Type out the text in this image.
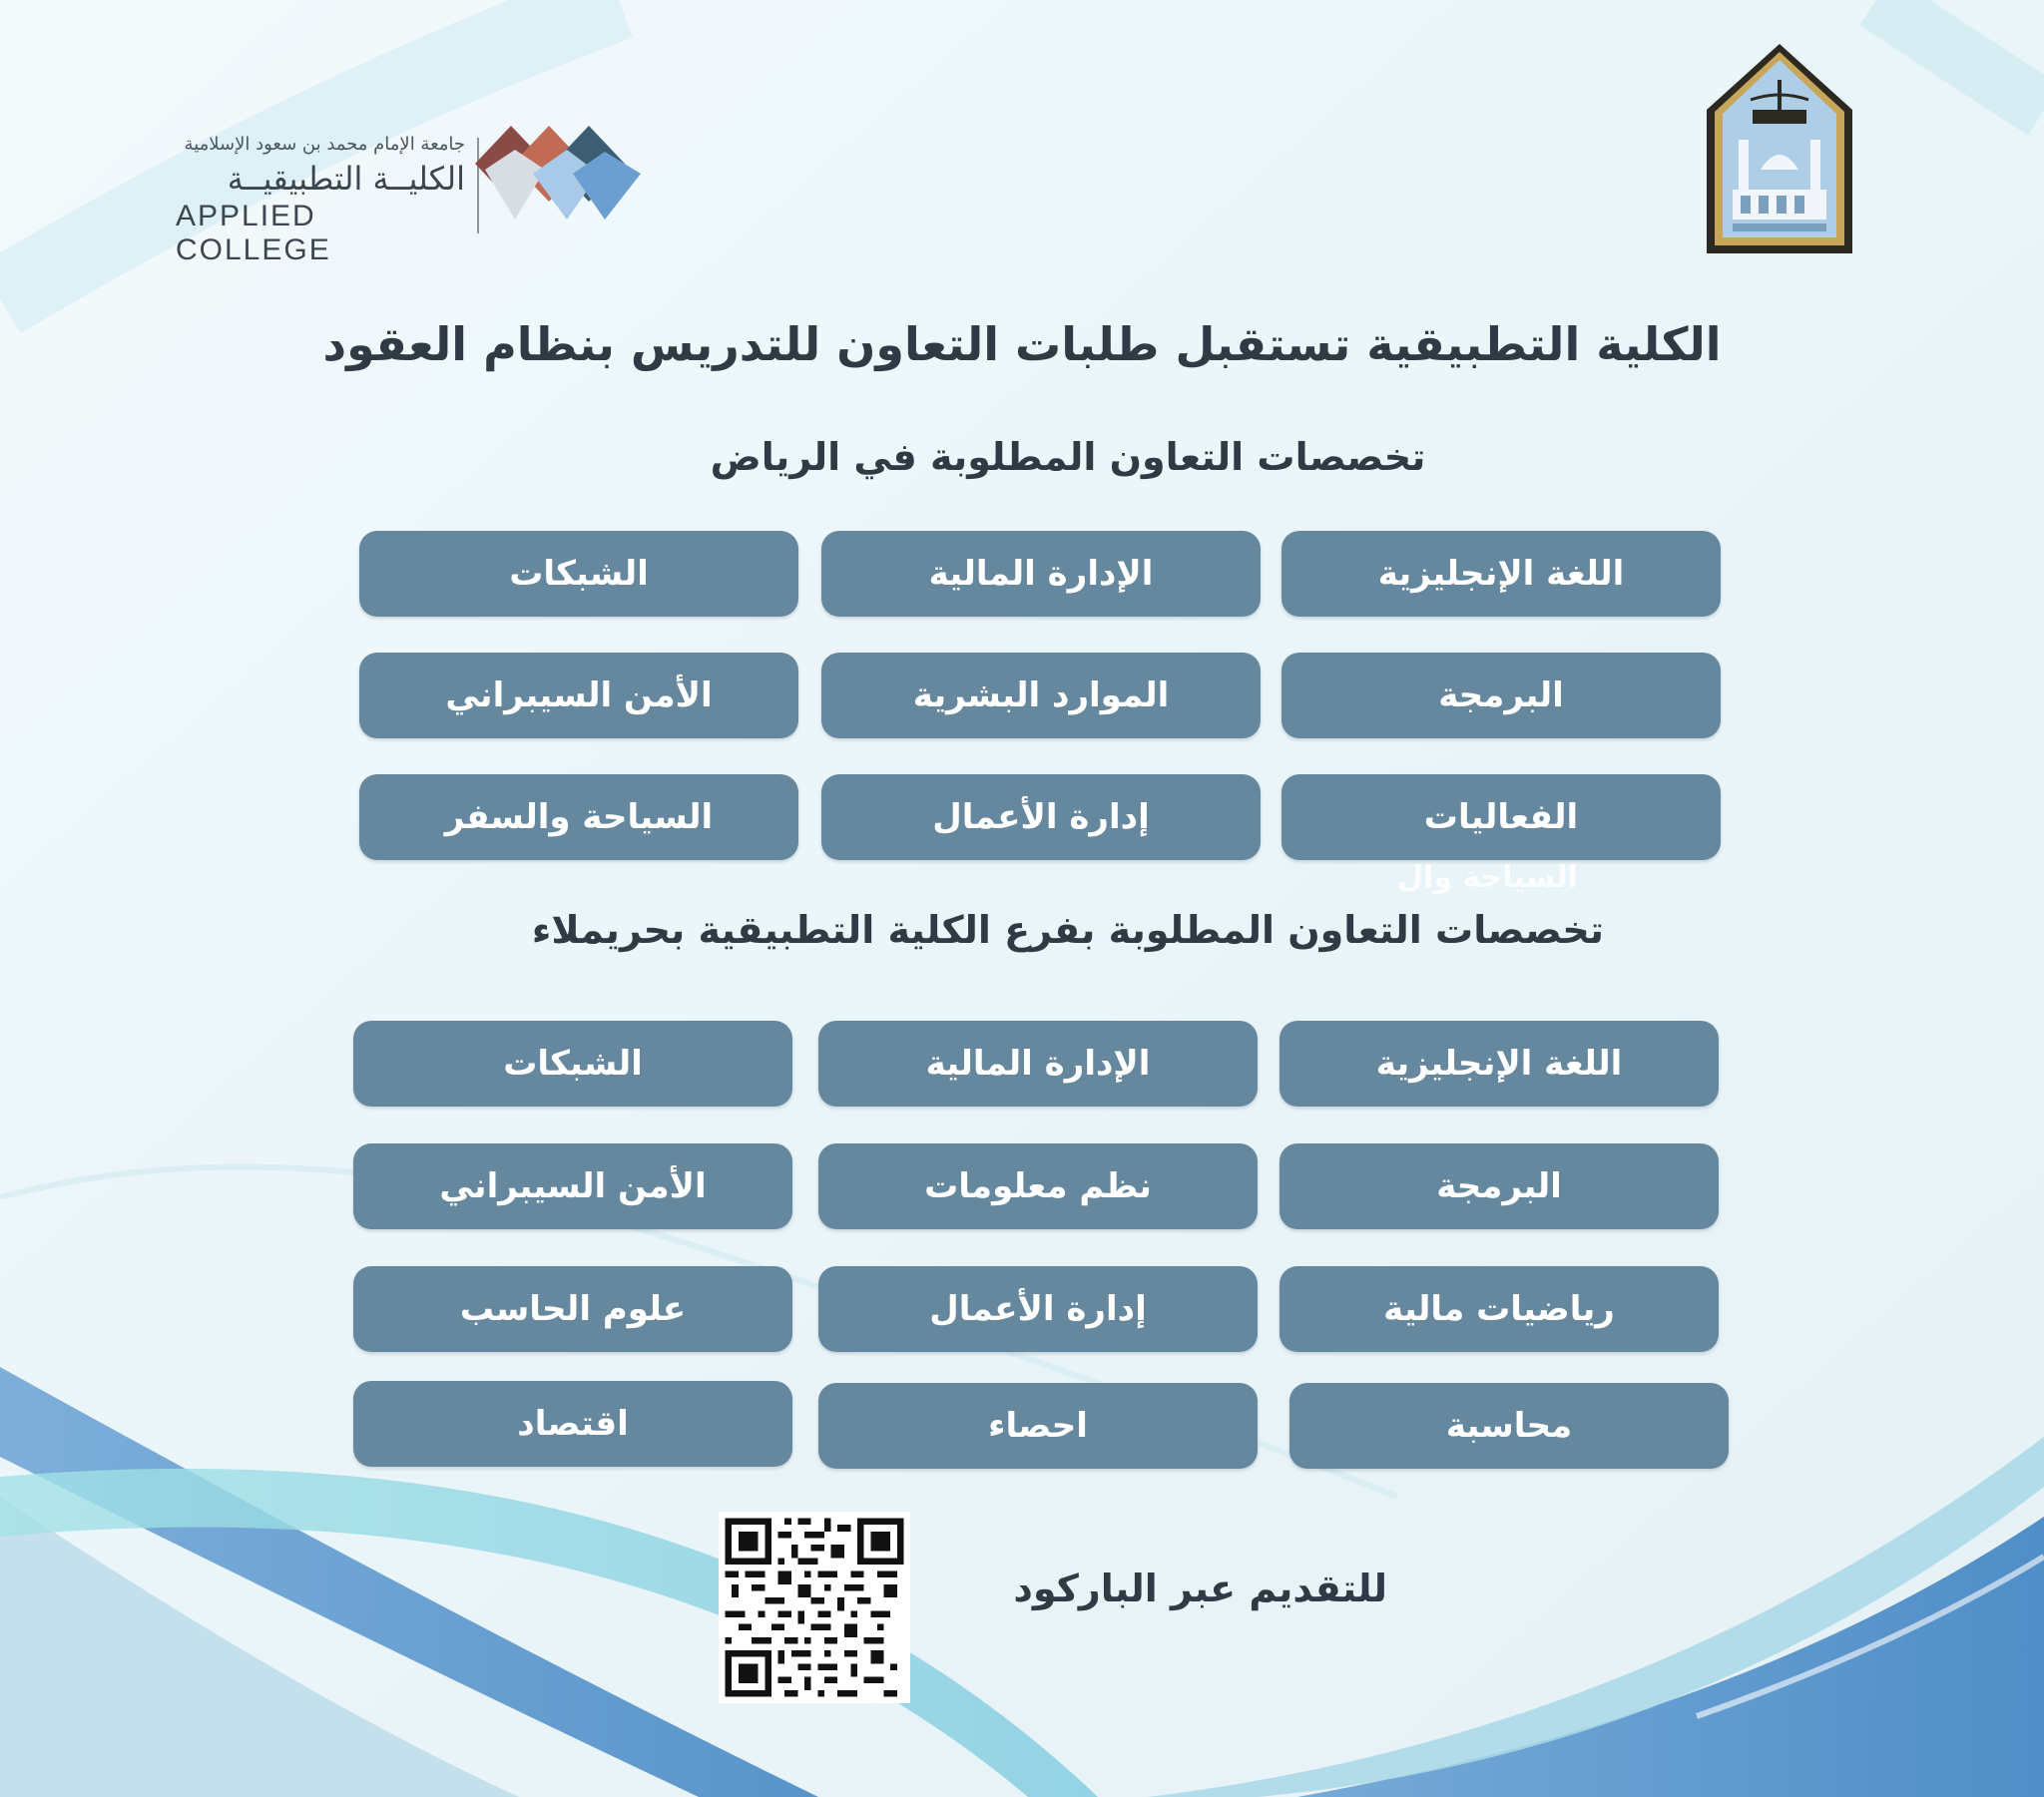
جامعة الإمام محمد بن سعود الإسلامية
الكليــة التطبيقيــة
APPLIED COLLEGE
الكلية التطبيقية تستقبل طلبات التعاون للتدريس بنظام العقود
تخصصات التعاون المطلوبة في الرياض
اللغة الإنجليزية
الإدارة المالية
الشبكات
البرمجة
الموارد البشرية
الأمن السيبراني
الفعاليات
إدارة الأعمال
السياحة والسفر
السياحة وال
تخصصات التعاون المطلوبة بفرع الكلية التطبيقية بحريملاء
اللغة الإنجليزية
الإدارة المالية
الشبكات
البرمجة
نظم معلومات
الأمن السيبراني
رياضيات مالية
إدارة الأعمال
علوم الحاسب
محاسبة
احصاء
اقتصاد
للتقديم عبر الباركود
